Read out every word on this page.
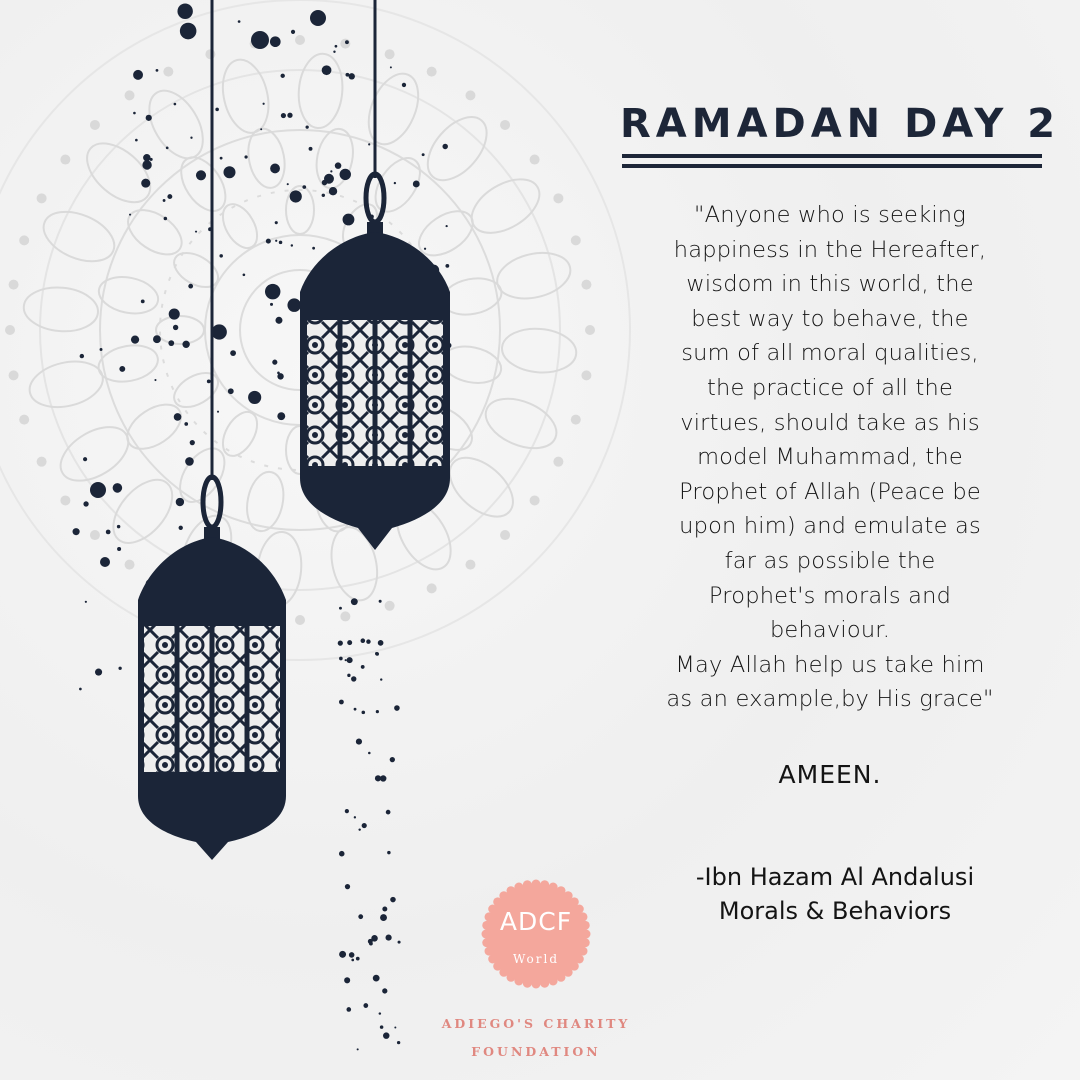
RAMADAN DAY 2

"Anyone who is seeking

happiness in the Hereafter,

wisdom in this world, the

best way to behave, the

sum of all moral qualities,

the practice of all the

virtues, should take as his

model Muhammad, the

Prophet of Allah (Peace be

upon him) and emulate as

far as possible the

Prophet's morals and

behaviour.

May Allah help us take him

as an example,by His grace"

AMEEN.
-Ibn Hazam Al Andalusi
Morals & Behaviors
ADCF
World
ADIEGO'S CHARITY
FOUNDATION
